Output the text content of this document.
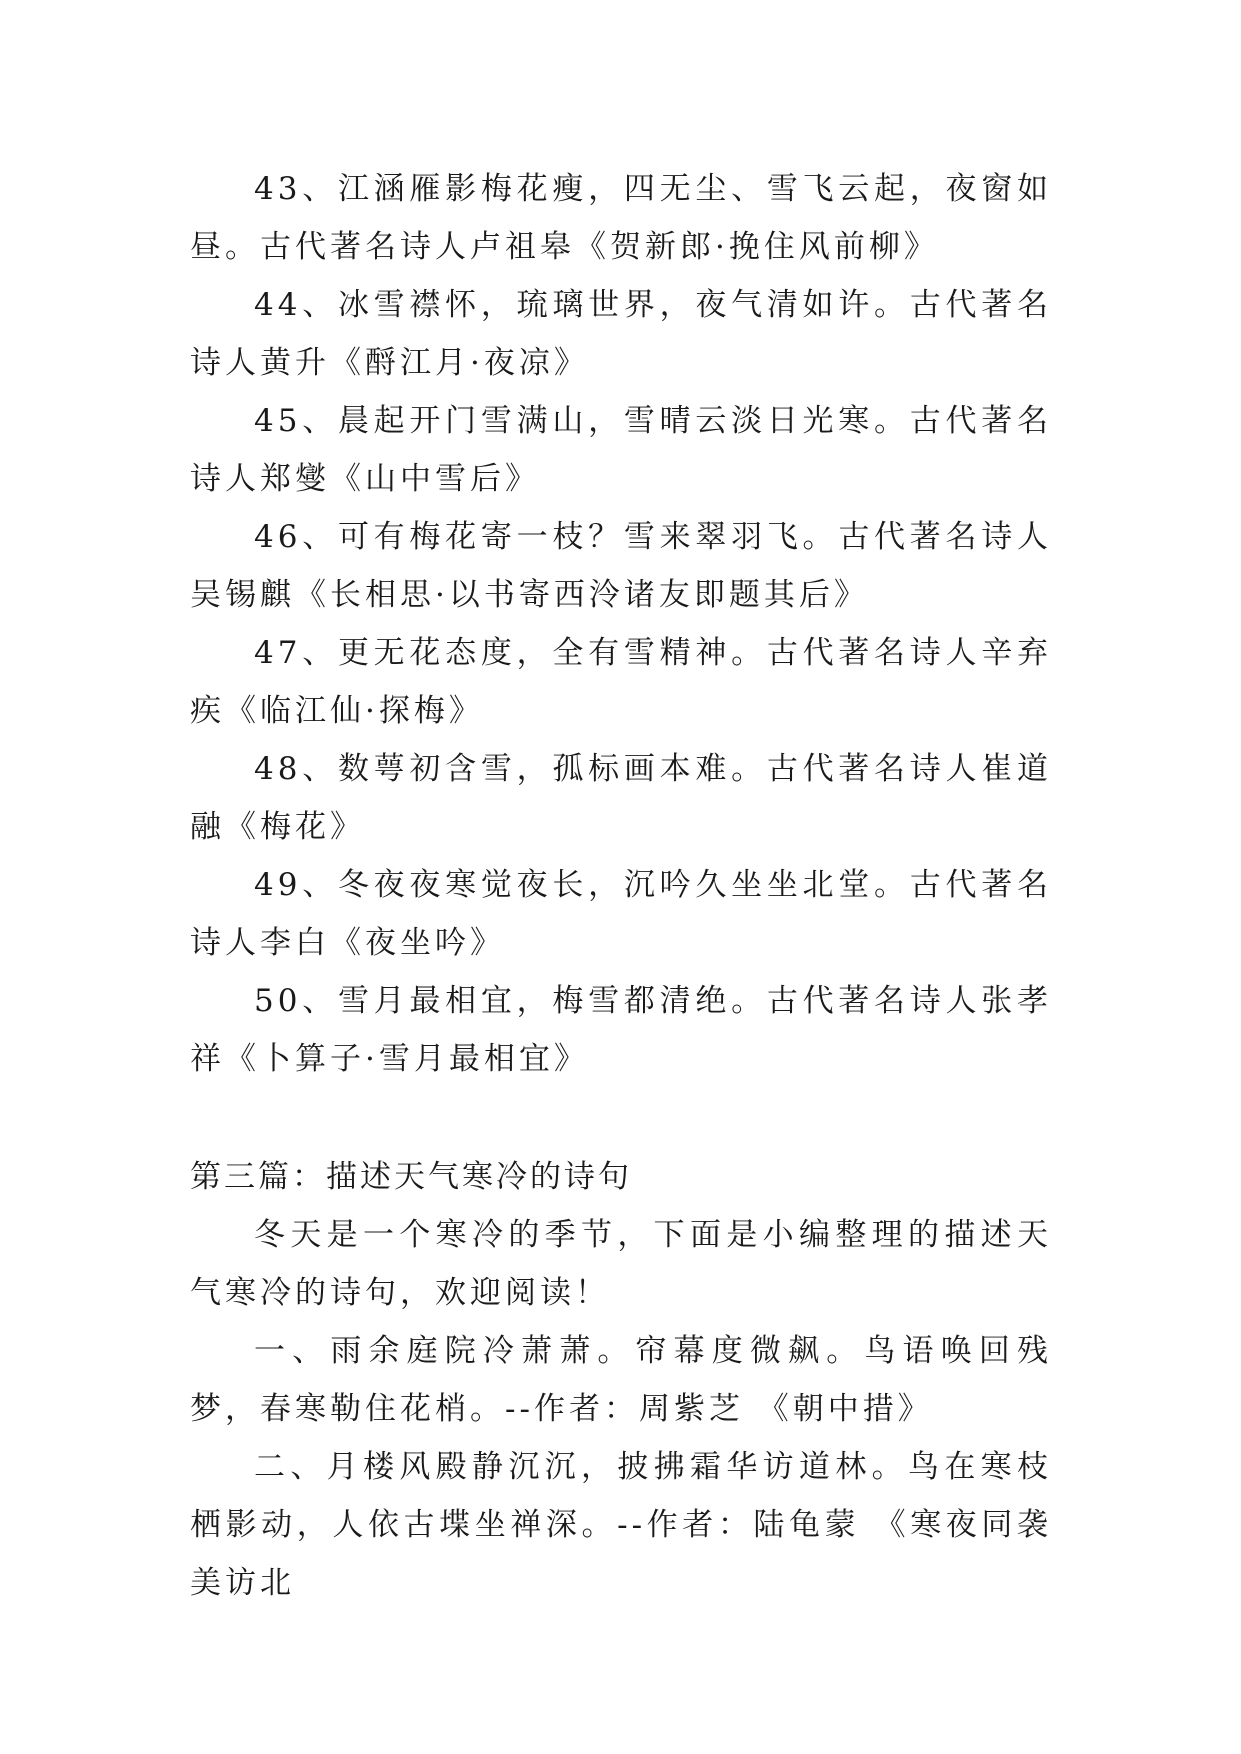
43、江涵雁影梅花瘦，四无尘、雪飞云起，夜窗如昼。古代著名诗人卢祖皋《贺新郎·挽住风前柳》

44、冰雪襟怀，琉璃世界，夜气清如许。古代著名诗人黄升《酹江月·夜凉》

45、晨起开门雪满山，雪晴云淡日光寒。古代著名诗人郑燮《山中雪后》

46、可有梅花寄一枝？雪来翠羽飞。古代著名诗人吴锡麒《长相思·以书寄西泠诸友即题其后》

47、更无花态度，全有雪精神。古代著名诗人辛弃疾《临江仙·探梅》

48、数萼初含雪，孤标画本难。古代著名诗人崔道融《梅花》

49、冬夜夜寒觉夜长，沉吟久坐坐北堂。古代著名诗人李白《夜坐吟》

50、雪月最相宜，梅雪都清绝。古代著名诗人张孝祥《卜算子·雪月最相宜》

第三篇：描述天气寒冷的诗句

冬天是一个寒冷的季节，下面是小编整理的描述天气寒冷的诗句，欢迎阅读！

一、雨余庭院冷萧萧。帘幕度微飙。鸟语唤回残梦，春寒勒住花梢。--作者：周紫芝 《朝中措》

二、月楼风殿静沉沉，披拂霜华访道林。鸟在寒枝栖影动，人依古堞坐禅深。--作者：陆龟蒙 《寒夜同袭美访北
